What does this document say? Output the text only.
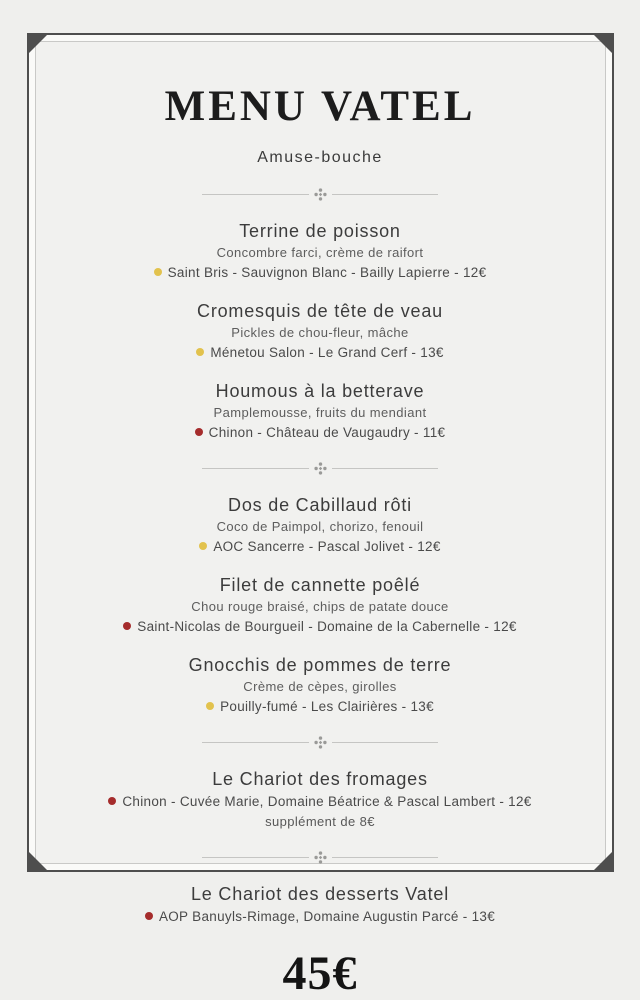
MENU VATEL
Amuse-bouche
Terrine de poisson
Concombre farci, crème de raifort
Saint Bris - Sauvignon Blanc - Bailly Lapierre - 12€
Cromesquis de tête de veau
Pickles de chou-fleur, mâche
Ménetou Salon - Le Grand Cerf - 13€
Houmous à la betterave
Pamplemousse, fruits du mendiant
Chinon - Château de Vaugaudry - 11€
Dos de Cabillaud rôti
Coco de Paimpol, chorizo, fenouil
AOC Sancerre - Pascal Jolivet - 12€
Filet de cannette poêlé
Chou rouge braisé, chips de patate douce
Saint-Nicolas de Bourgueil - Domaine de la Cabernelle - 12€
Gnocchis de pommes de terre
Crème de cèpes, girolles
Pouilly-fumé - Les Clairières - 13€
Le Chariot des fromages
Chinon - Cuvée Marie, Domaine Béatrice & Pascal Lambert - 12€
supplément de 8€
Le Chariot des desserts Vatel
AOP Banuyls-Rimage, Domaine Augustin Parcé - 13€
45€
